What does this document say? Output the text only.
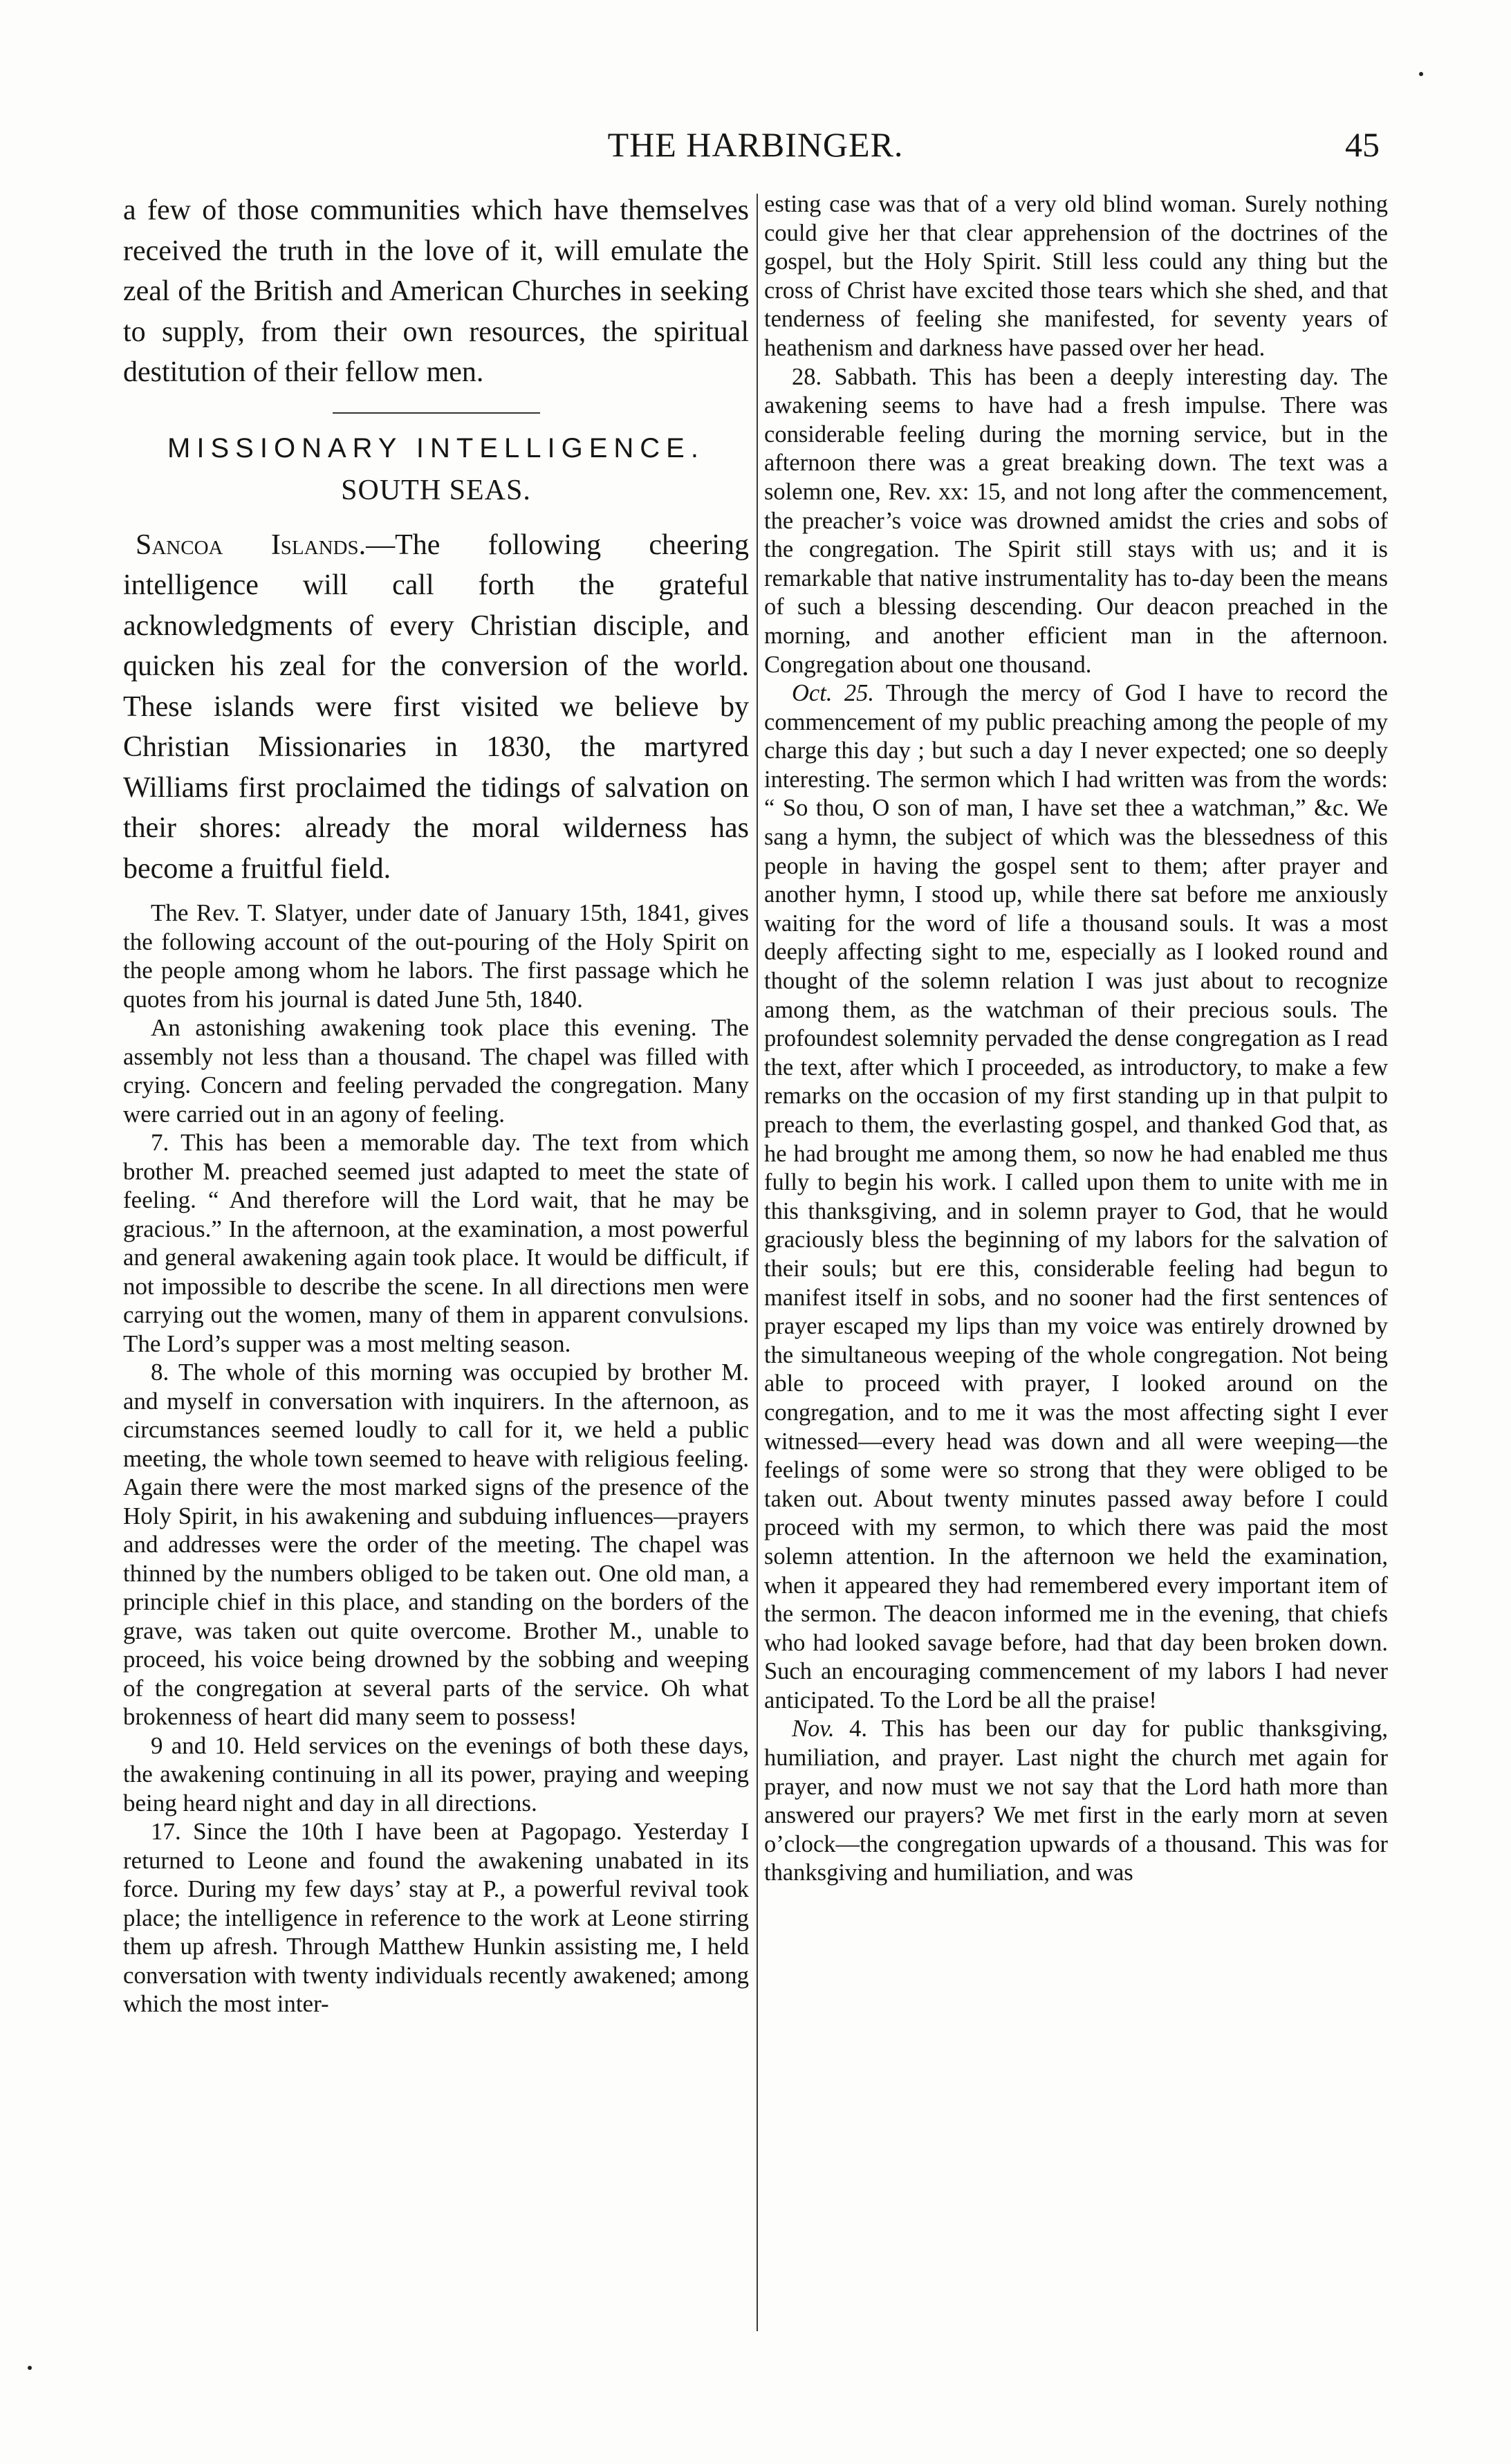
THE HARBINGER.	45

a few of those communities which have themselves received the truth in the love of it, will emulate the zeal of the British and American Churches in seeking to supply, from their own resources, the spiritual destitution of their fellow men.

MISSIONARY INTELLIGENCE.
SOUTH SEAS.

Sancoa Islands.—The following cheering intelligence will call forth the grateful acknowledgments of every Christian disciple, and quicken his zeal for the conversion of the world. These islands were first visited we believe by Christian Missionaries in 1830, the martyred Williams first proclaimed the tidings of salvation on their shores: already the moral wilderness has become a fruitful field.

The Rev. T. Slatyer, under date of January 15th, 1841, gives the following account of the out-pouring of the Holy Spirit on the people among whom he labors. The first passage which he quotes from his journal is dated June 5th, 1840.

An astonishing awakening took place this evening. The assembly not less than a thousand. The chapel was filled with crying. Concern and feeling pervaded the congregation. Many were carried out in an agony of feeling.

7. This has been a memorable day. The text from which brother M. preached seemed just adapted to meet the state of feeling. “ And therefore will the Lord wait, that he may be gracious.” In the afternoon, at the examination, a most powerful and general awakening again took place. It would be difficult, if not impossible to describe the scene. In all directions men were carrying out the women, many of them in apparent convulsions. The Lord’s supper was a most melting season.

8. The whole of this morning was occupied by brother M. and myself in conversation with inquirers. In the afternoon, as circumstances seemed loudly to call for it, we held a public meeting, the whole town seemed to heave with religious feeling. Again there were the most marked signs of the presence of the Holy Spirit, in his awakening and subduing influences—prayers and addresses were the order of the meeting. The chapel was thinned by the numbers obliged to be taken out. One old man, a principle chief in this place, and standing on the borders of the grave, was taken out quite overcome. Brother M., unable to proceed, his voice being drowned by the sobbing and weeping of the congregation at several parts of the service. Oh what brokenness of heart did many seem to possess!

9 and 10. Held services on the evenings of both these days, the awakening continuing in all its power, praying and weeping being heard night and day in all directions.

17. Since the 10th I have been at Pagopago. Yesterday I returned to Leone and found the awakening unabated in its force. During my few days’ stay at P., a powerful revival took place; the intelligence in reference to the work at Leone stirring them up afresh. Through Matthew Hunkin assisting me, I held conversation with twenty individuals recently awakened; among which the most inter-

esting case was that of a very old blind woman. Surely nothing could give her that clear apprehension of the doctrines of the gospel, but the Holy Spirit. Still less could any thing but the cross of Christ have excited those tears which she shed, and that tenderness of feeling she manifested, for seventy years of heathenism and darkness have passed over her head.

28. Sabbath. This has been a deeply interesting day. The awakening seems to have had a fresh impulse. There was considerable feeling during the morning service, but in the afternoon there was a great breaking down. The text was a solemn one, Rev. xx: 15, and not long after the commencement, the preacher’s voice was drowned amidst the cries and sobs of the congregation. The Spirit still stays with us; and it is remarkable that native instrumentality has to-day been the means of such a blessing descending. Our deacon preached in the morning, and another efficient man in the afternoon. Congregation about one thousand.

Oct. 25. Through the mercy of God I have to record the commencement of my public preaching among the people of my charge this day ; but such a day I never expected; one so deeply interesting. The sermon which I had written was from the words: “ So thou, O son of man, I have set thee a watchman,” &c. We sang a hymn, the subject of which was the blessedness of this people in having the gospel sent to them; after prayer and another hymn, I stood up, while there sat before me anxiously waiting for the word of life a thousand souls. It was a most deeply affecting sight to me, especially as I looked round and thought of the solemn relation I was just about to recognize among them, as the watchman of their precious souls. The profoundest solemnity pervaded the dense congregation as I read the text, after which I proceeded, as introductory, to make a few remarks on the occasion of my first standing up in that pulpit to preach to them, the everlasting gospel, and thanked God that, as he had brought me among them, so now he had enabled me thus fully to begin his work. I called upon them to unite with me in this thanksgiving, and in solemn prayer to God, that he would graciously bless the beginning of my labors for the salvation of their souls; but ere this, considerable feeling had begun to manifest itself in sobs, and no sooner had the first sentences of prayer escaped my lips than my voice was entirely drowned by the simultaneous weeping of the whole congregation. Not being able to proceed with prayer, I looked around on the congregation, and to me it was the most affecting sight I ever witnessed—every head was down and all were weeping—the feelings of some were so strong that they were obliged to be taken out. About twenty minutes passed away before I could proceed with my sermon, to which there was paid the most solemn attention. In the afternoon we held the examination, when it appeared they had remembered every important item of the sermon. The deacon informed me in the evening, that chiefs who had looked savage before, had that day been broken down. Such an encouraging commencement of my labors I had never anticipated. To the Lord be all the praise!

Nov. 4. This has been our day for public thanksgiving, humiliation, and prayer. Last night the church met again for prayer, and now must we not say that the Lord hath more than answered our prayers? We met first in the early morn at seven o’clock—the congregation upwards of a thousand. This was for thanksgiving and humiliation, and was
